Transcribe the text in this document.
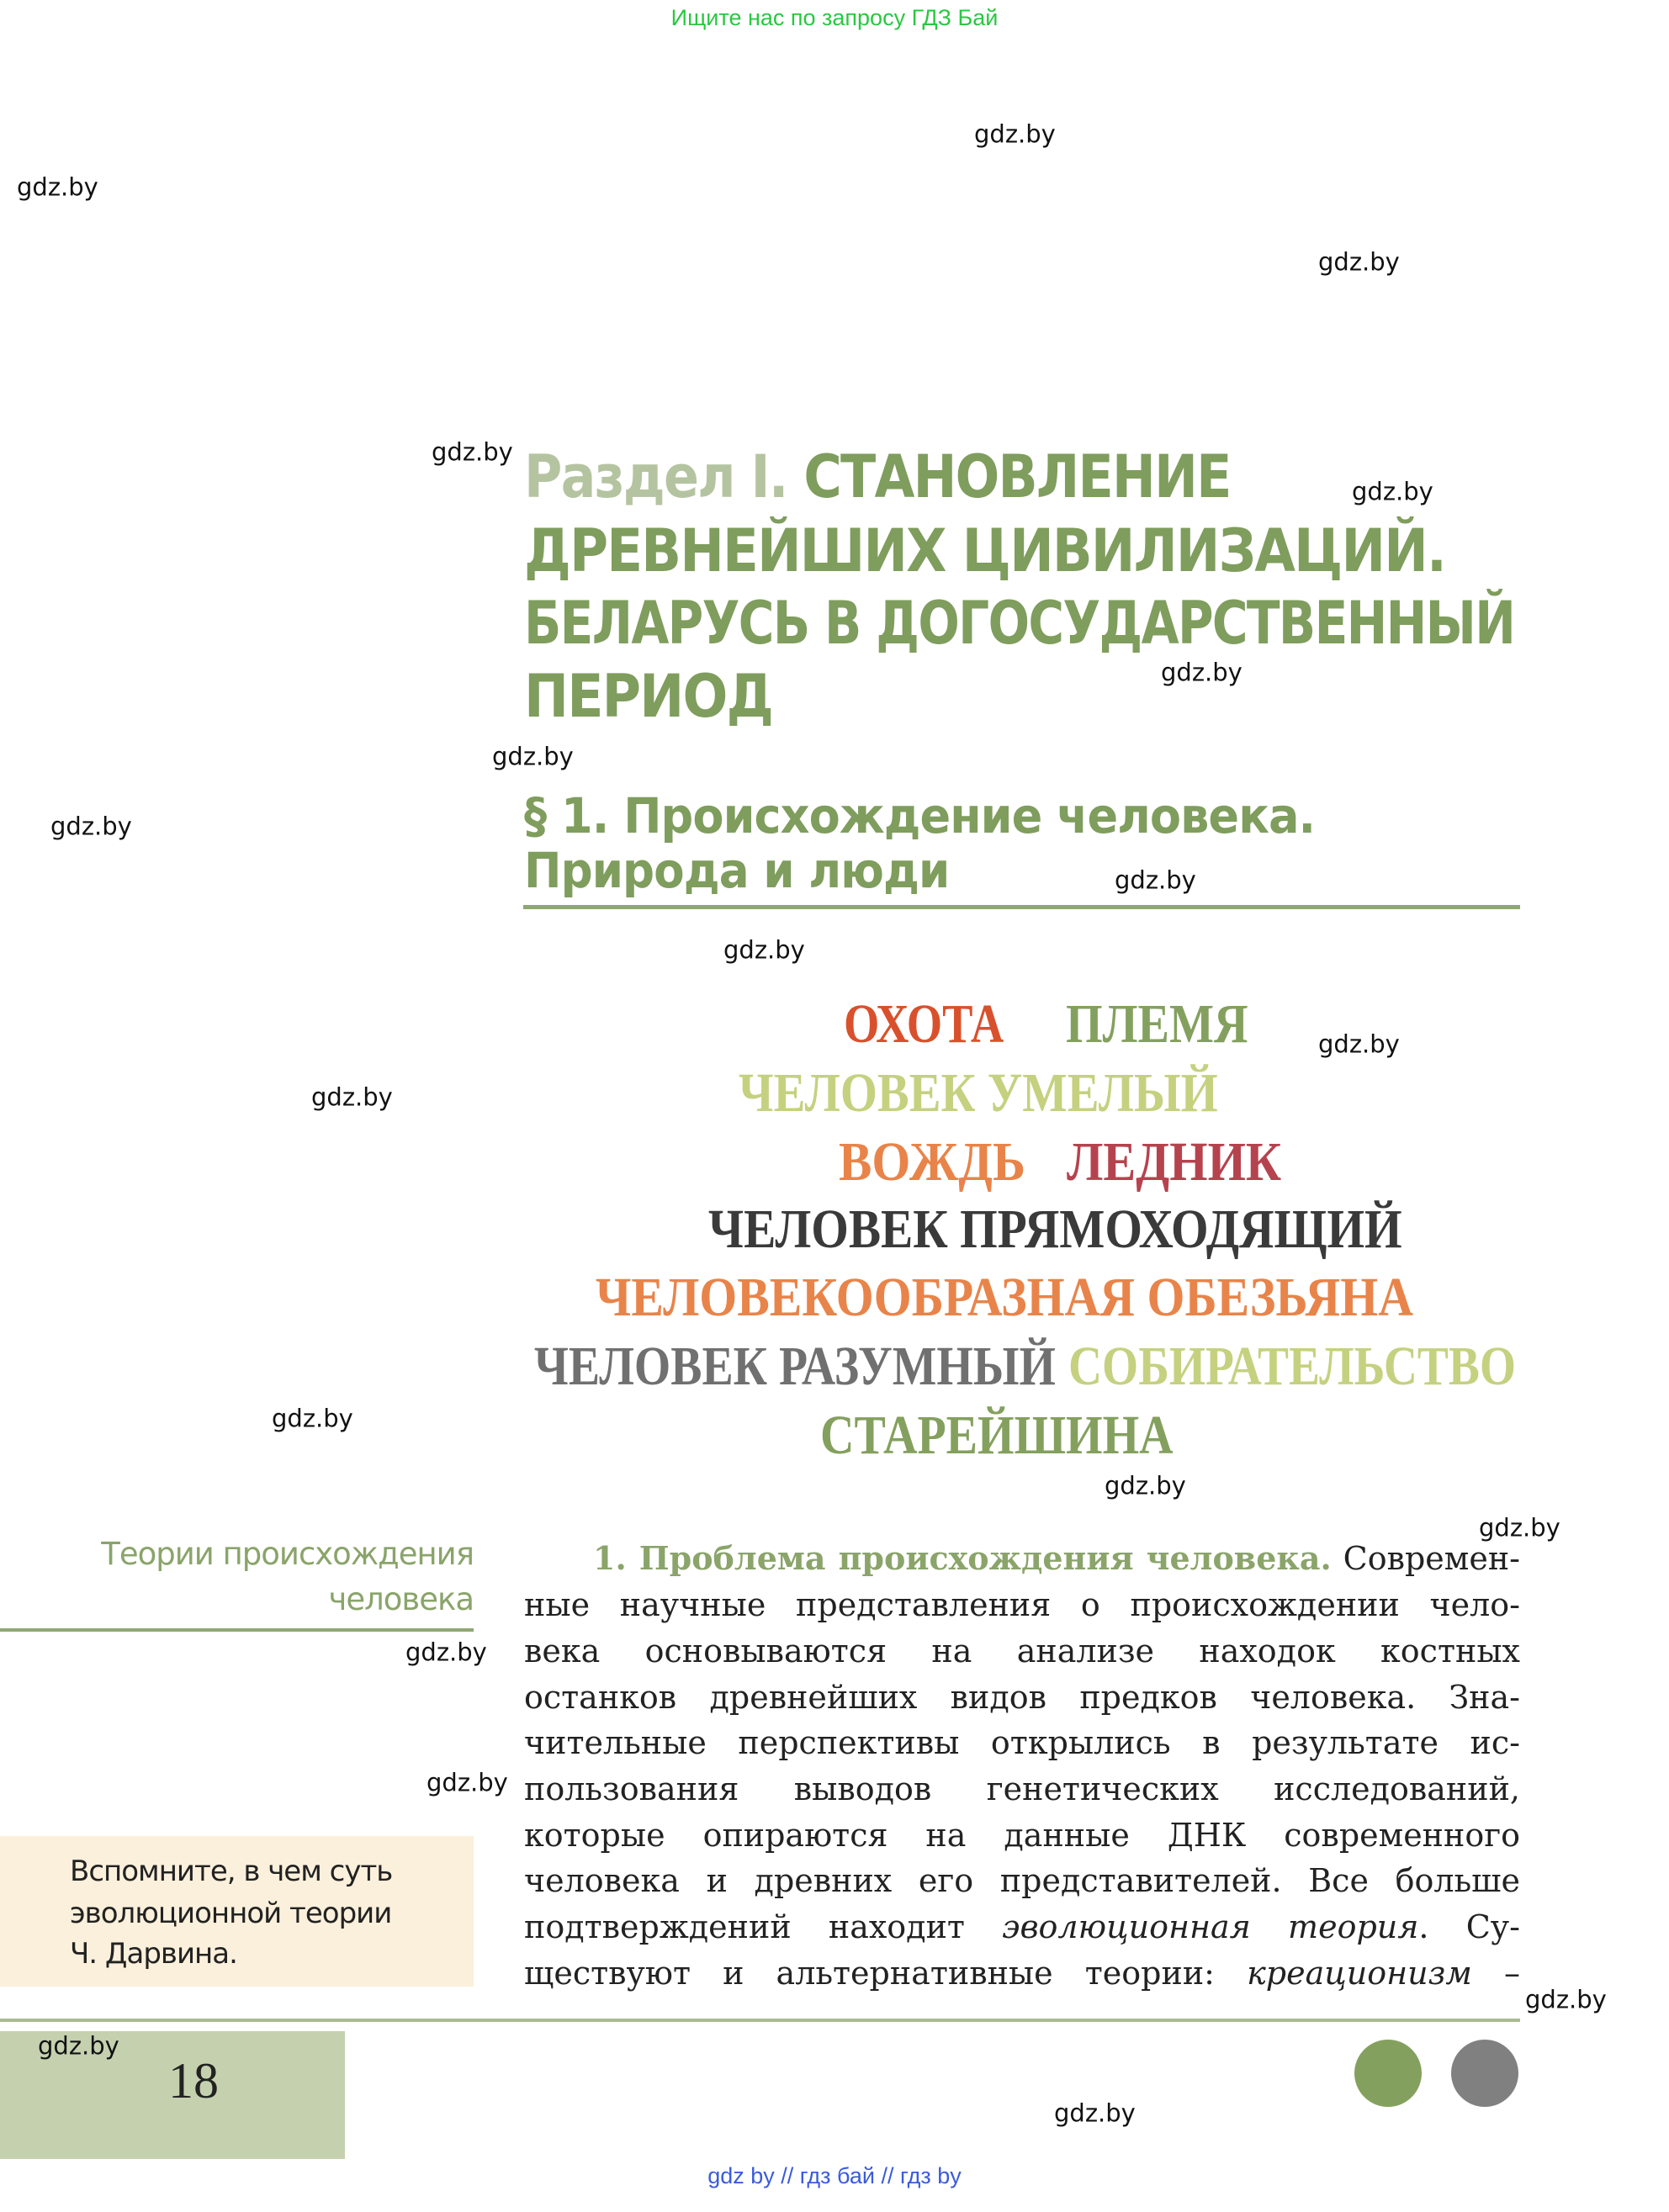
Ищите нас по запросу ГДЗ Бай
Раздел I. СТАНОВЛЕНИЕ
ДРЕВНЕЙШИХ ЦИВИЛИЗАЦИЙ.
БЕЛАРУСЬ В ДОГОСУДАРСТВЕННЫЙ
ПЕРИОД
§ 1. Происхождение человека.
Природа и люди
ОХОТА ПЛЕМЯ
ЧЕЛОВЕК УМЕЛЫЙ
ВОЖДЬ ЛЕДНИК
ЧЕЛОВЕК ПРЯМОХОДЯЩИЙ
ЧЕЛОВЕКООБРАЗНАЯ ОБЕЗЬЯНА
ЧЕЛОВЕК РАЗУМНЫЙ СОБИРАТЕЛЬСТВО
СТАРЕЙШИНА
Теории происхождения
человека
1. Проблема происхождения человека. Современ-
ные научные представления о происхождении чело-
века основываются на анализе находок костных
останков древнейших видов предков человека. Зна-
чительные перспективы открылись в результате ис-
пользования выводов генетических исследований,
которые опираются на данные ДНК современного
человека и древних его представителей. Все больше
подтверждений находит эволюционная теория. Су-
ществуют и альтернативные теории: креационизм –
Вспомните, в чем суть
эволюционной теории
Ч. Дарвина.
18
gdz by // гдз бай // гдз by
gdz.by
gdz.by
gdz.by
gdz.by
gdz.by
gdz.by
gdz.by
gdz.by
gdz.by
gdz.by
gdz.by
gdz.by
gdz.by
gdz.by
gdz.by
gdz.by
gdz.by
gdz.by
gdz.by
gdz.by
